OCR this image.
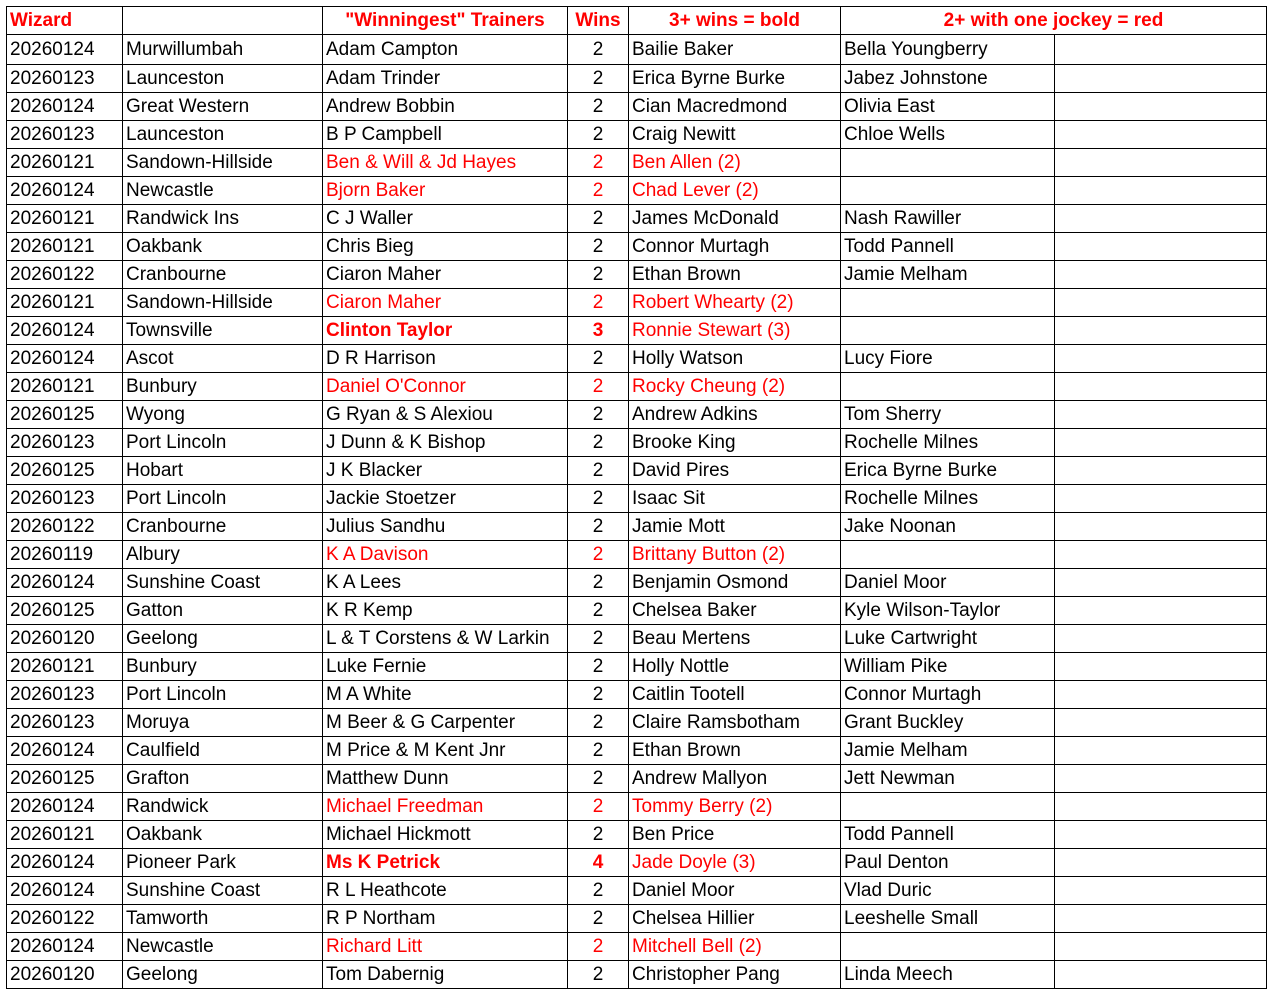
Wizard		"Winningest" Trainers	Wins	3+ wins = bold	2+ with one jockey = red	
20260124	Murwillumbah	Adam Campton	2	Bailie Baker	Bella Youngberry	
20260123	Launceston	Adam Trinder	2	Erica Byrne Burke	Jabez Johnstone	
20260124	Great Western	Andrew Bobbin	2	Cian Macredmond	Olivia East	
20260123	Launceston	B P Campbell	2	Craig Newitt	Chloe Wells	
20260121	Sandown-Hillside	Ben & Will & Jd Hayes	2	Ben Allen (2)		
20260124	Newcastle	Bjorn Baker	2	Chad Lever (2)		
20260121	Randwick Ins	C J Waller	2	James McDonald	Nash Rawiller	
20260121	Oakbank	Chris Bieg	2	Connor Murtagh	Todd Pannell	
20260122	Cranbourne	Ciaron Maher	2	Ethan Brown	Jamie Melham	
20260121	Sandown-Hillside	Ciaron Maher	2	Robert Whearty (2)		
20260124	Townsville	Clinton Taylor	3	Ronnie Stewart (3)		
20260124	Ascot	D R Harrison	2	Holly Watson	Lucy Fiore	
20260121	Bunbury	Daniel O'Connor	2	Rocky Cheung (2)		
20260125	Wyong	G Ryan & S Alexiou	2	Andrew Adkins	Tom Sherry	
20260123	Port Lincoln	J Dunn & K Bishop	2	Brooke King	Rochelle Milnes	
20260125	Hobart	J K Blacker	2	David Pires	Erica Byrne Burke	
20260123	Port Lincoln	Jackie Stoetzer	2	Isaac Sit	Rochelle Milnes	
20260122	Cranbourne	Julius Sandhu	2	Jamie Mott	Jake Noonan	
20260119	Albury	K A Davison	2	Brittany Button (2)		
20260124	Sunshine Coast	K A Lees	2	Benjamin Osmond	Daniel Moor	
20260125	Gatton	K R Kemp	2	Chelsea Baker	Kyle Wilson-Taylor	
20260120	Geelong	L & T Corstens & W Larkin	2	Beau Mertens	Luke Cartwright	
20260121	Bunbury	Luke Fernie	2	Holly Nottle	William Pike	
20260123	Port Lincoln	M A White	2	Caitlin Tootell	Connor Murtagh	
20260123	Moruya	M Beer & G Carpenter	2	Claire Ramsbotham	Grant Buckley	
20260124	Caulfield	M Price & M Kent Jnr	2	Ethan Brown	Jamie Melham	
20260125	Grafton	Matthew Dunn	2	Andrew Mallyon	Jett Newman	
20260124	Randwick	Michael Freedman	2	Tommy Berry (2)		
20260121	Oakbank	Michael Hickmott	2	Ben Price	Todd Pannell	
20260124	Pioneer Park	Ms K Petrick	4	Jade Doyle (3)	Paul Denton	
20260124	Sunshine Coast	R L Heathcote	2	Daniel Moor	Vlad Duric	
20260122	Tamworth	R P Northam	2	Chelsea Hillier	Leeshelle Small	
20260124	Newcastle	Richard Litt	2	Mitchell Bell (2)		
20260120	Geelong	Tom Dabernig	2	Christopher Pang	Linda Meech	
